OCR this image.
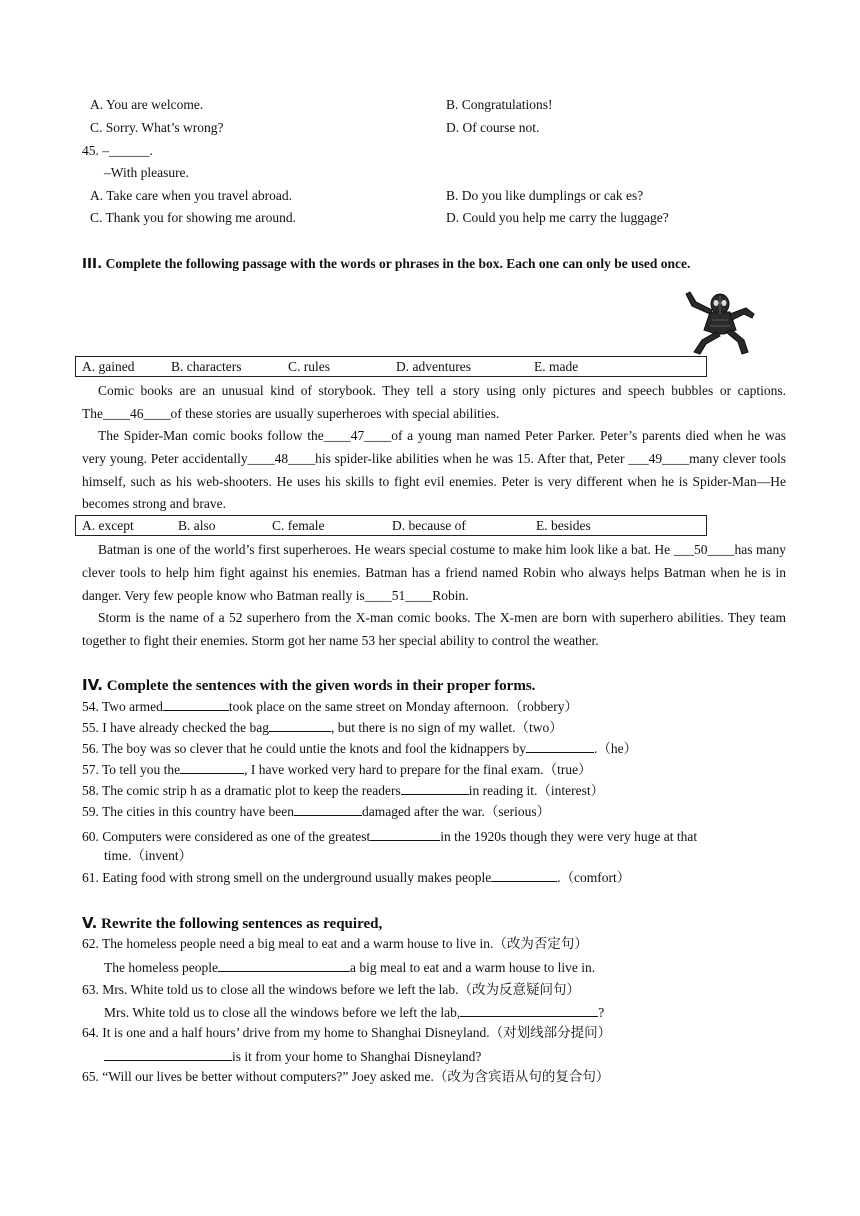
A. You are welcome.	B. Congratulations!
C. Sorry. What’s wrong?	D. Of course not.
45. –______.
–With pleasure.
A. Take care when you travel abroad.	B. Do you like dumplings or cak es?
C. Thank you for showing me around.	D. Could you help me carry the luggage?
III. Complete the following passage with the words or phrases in the box. Each one can only be used once.
A. gained	B. characters	C. rules	D. adventures	E. made
Comic books are an unusual kind of storybook. They tell a story using only pictures and speech bubbles or captions. The____46____of these stories are usually superheroes with special abilities.
The Spider-Man comic books follow the____47____of a young man named Peter Parker. Peter’s parents died when he was very young. Peter accidentally____48____his spider-like abilities when he was 15. After that, Peter ___49____many clever tools himself, such as his web-shooters. He uses his skills to fight evil enemies. Peter is very different when he is Spider-Man—He becomes strong and brave.
A. except	B. also	C. female	D. because of	E. besides
Batman is one of the world’s first superheroes. He wears special costume to make him look like a bat. He ___50____has many clever tools to help him fight against his enemies. Batman has a friend named Robin who always helps Batman when he is in danger. Very few people know who Batman really is____51____Robin.
Storm is the name of a 52 superhero from the X-man comic books. The X-men are born with superhero abilities. They team together to fight their enemies. Storm got her name 53 her special ability to control the weather.
IV. Complete the sentences with the given words in their proper forms.
54. Two armed	took place on the same street on Monday afternoon.（robbery）
55. I have already checked the bag	, but there is no sign of my wallet.（two）
56. The boy was so clever that he could untie the knots and fool the kidnappers by	.（he）
57. To tell you the	, I have worked very hard to prepare for the final exam.（true）
58. The comic strip h as a dramatic plot to keep the readers	in reading it.（interest）
59. The cities in this country have been	damaged after the war.（serious）
60. Computers were considered as one of the greatest	in the 1920s though they were very huge at that
time.（invent）
61. Eating food with strong smell on the underground usually makes people	.（comfort）
V. Rewrite the following sentences as required,
62. The homeless people need a big meal to eat and a warm house to live in.（改为否定句）
The homeless people	a big meal to eat and a warm house to live in.
63. Mrs. White told us to close all the windows before we left the lab.（改为反意疑问句）
Mrs. White told us to close all the windows before we left the lab,	?
64. It is one and a half hours’ drive from my home to Shanghai Disneyland.（对划线部分提问）
is it from your home to Shanghai Disneyland?
65. “Will our lives be better without computers?” Joey asked me.（改为含宾语从句的复合句）
